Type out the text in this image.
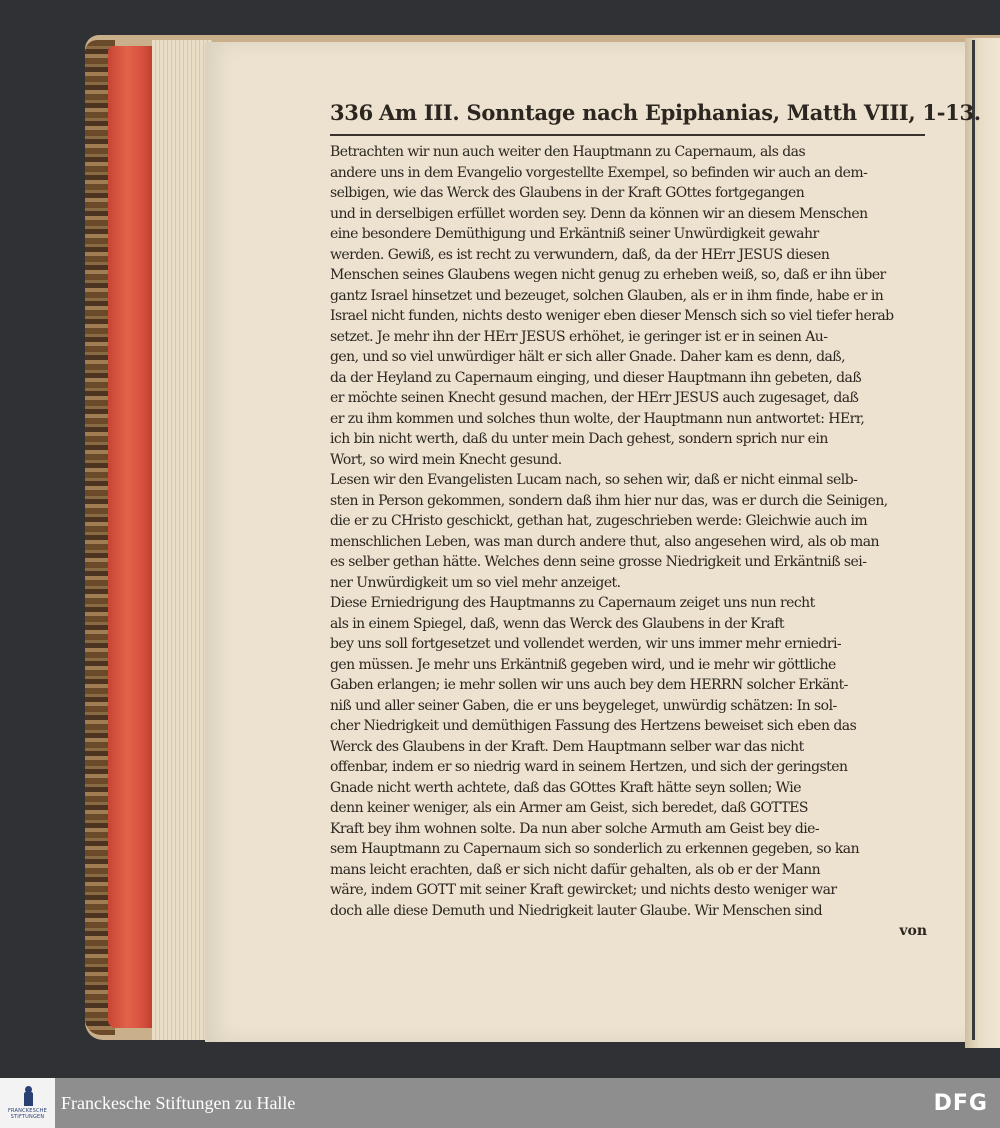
336 Am III. Sonntage nach Epiphanias, Matth VIII, 1-13.
Betrachten wir nun auch weiter den Hauptmann zu Capernaum, als das
andere uns in dem Evangelio vorgestellte Exempel, so befinden wir auch an dem-
selbigen, wie das Werck des Glaubens in der Kraft GOttes fortgegangen
und in derselbigen erfüllet worden sey. Denn da können wir an diesem Menschen
eine besondere Demüthigung und Erkäntniß seiner Unwürdigkeit gewahr
werden. Gewiß, es ist recht zu verwundern, daß, da der HErr JESUS diesen
Menschen seines Glaubens wegen nicht genug zu erheben weiß, so, daß er ihn über
gantz Israel hinsetzet und bezeuget, solchen Glauben, als er in ihm finde, habe er in
Israel nicht funden, nichts desto weniger eben dieser Mensch sich so viel tiefer herab
setzet. Je mehr ihn der HErr JESUS erhöhet, ie geringer ist er in seinen Au-
gen, und so viel unwürdiger hält er sich aller Gnade. Daher kam es denn, daß,
da der Heyland zu Capernaum einging, und dieser Hauptmann ihn gebeten, daß
er möchte seinen Knecht gesund machen, der HErr JESUS auch zugesaget, daß
er zu ihm kommen und solches thun wolte, der Hauptmann nun antwortet: HErr,
ich bin nicht werth, daß du unter mein Dach gehest, sondern sprich nur ein
Wort, so wird mein Knecht gesund.
Lesen wir den Evangelisten Lucam nach, so sehen wir, daß er nicht einmal selb-
sten in Person gekommen, sondern daß ihm hier nur das, was er durch die Seinigen,
die er zu CHristo geschickt, gethan hat, zugeschrieben werde: Gleichwie auch im
menschlichen Leben, was man durch andere thut, also angesehen wird, als ob man
es selber gethan hätte. Welches denn seine grosse Niedrigkeit und Erkäntniß sei-
ner Unwürdigkeit um so viel mehr anzeiget.
Diese Erniedrigung des Hauptmanns zu Capernaum zeiget uns nun recht
als in einem Spiegel, daß, wenn das Werck des Glaubens in der Kraft
bey uns soll fortgesetzet und vollendet werden, wir uns immer mehr erniedri-
gen müssen. Je mehr uns Erkäntniß gegeben wird, und ie mehr wir göttliche
Gaben erlangen; ie mehr sollen wir uns auch bey dem HERRN solcher Erkänt-
niß und aller seiner Gaben, die er uns beygeleget, unwürdig schätzen: In sol-
cher Niedrigkeit und demüthigen Fassung des Hertzens beweiset sich eben das
Werck des Glaubens in der Kraft. Dem Hauptmann selber war das nicht
offenbar, indem er so niedrig ward in seinem Hertzen, und sich der geringsten
Gnade nicht werth achtete, daß das GOttes Kraft hätte seyn sollen; Wie
denn keiner weniger, als ein Armer am Geist, sich beredet, daß GOTTES
Kraft bey ihm wohnen solte. Da nun aber solche Armuth am Geist bey die-
sem Hauptmann zu Capernaum sich so sonderlich zu erkennen gegeben, so kan
mans leicht erachten, daß er sich nicht dafür gehalten, als ob er der Mann
wäre, indem GOTT mit seiner Kraft gewircket; und nichts desto weniger war
doch alle diese Demuth und Niedrigkeit lauter Glaube. Wir Menschen sind
von
FRANCKESCHE STIFTUNGEN
Franckesche Stiftungen zu Halle	DFG
